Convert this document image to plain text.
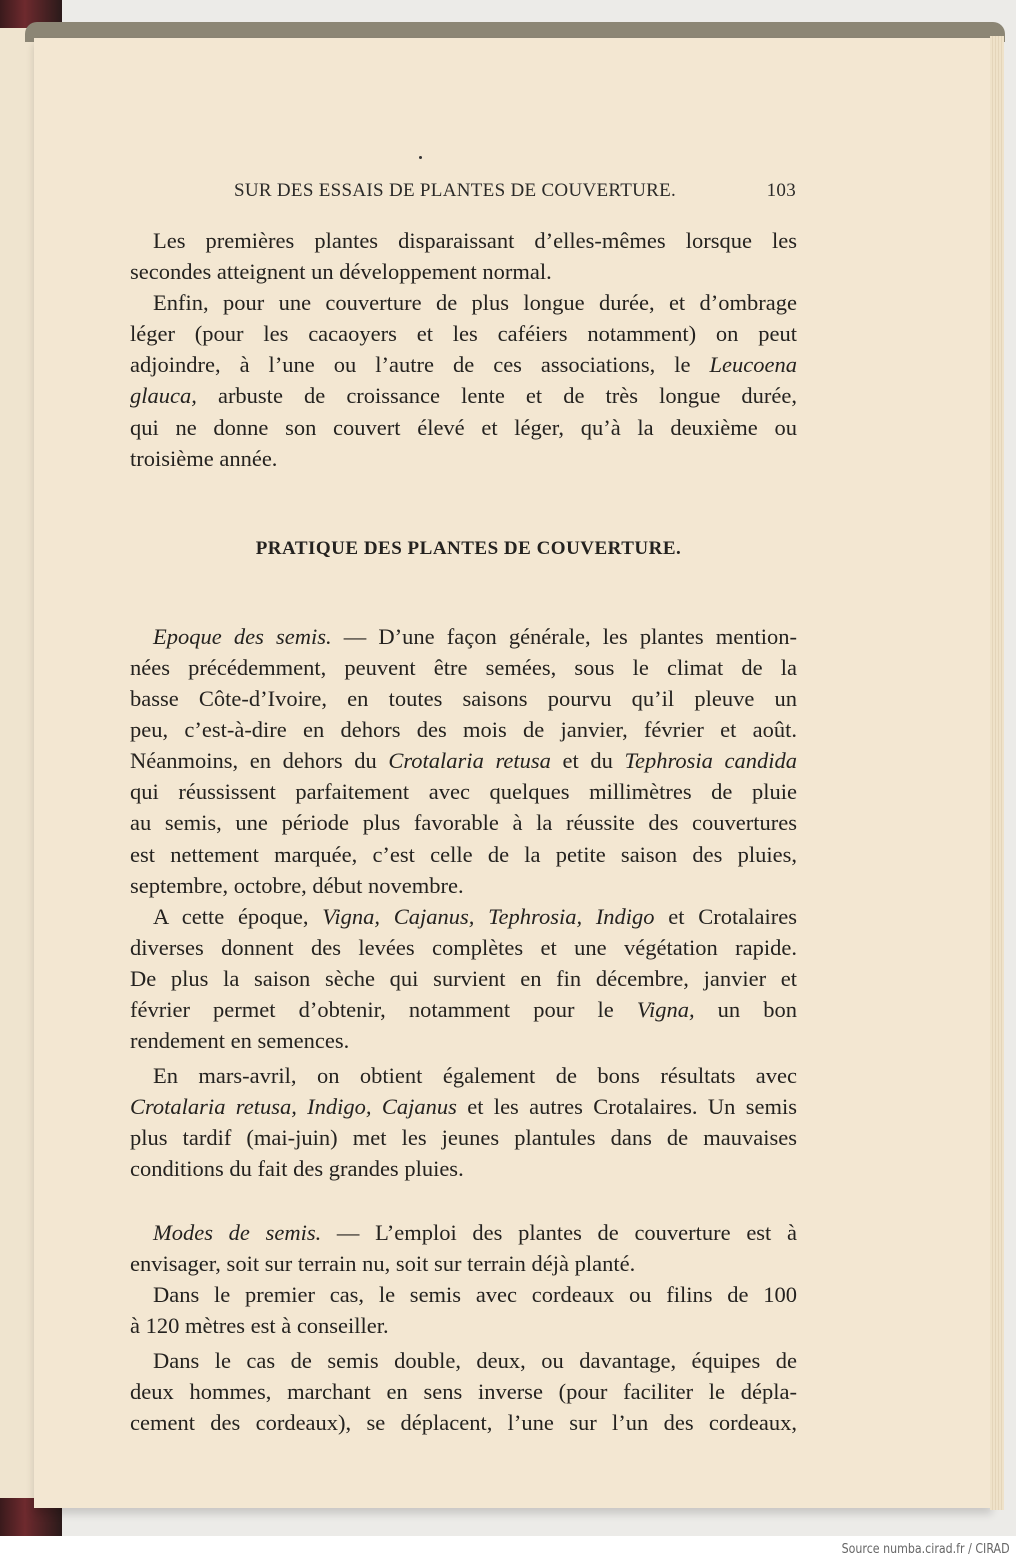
SUR DES ESSAIS DE PLANTES DE COUVERTURE.	103
Les premières plantes disparaissant d’elles-mêmes lorsque les
secondes atteignent un développement normal.
Enfin, pour une couverture de plus longue durée, et d’ombrage
léger (pour les cacaoyers et les caféiers notamment) on peut
adjoindre, à l’une ou l’autre de ces associations, le Leucoena
glauca, arbuste de croissance lente et de très longue durée,
qui ne donne son couvert élevé et léger, qu’à la deuxième ou
troisième année.
PRATIQUE DES PLANTES DE COUVERTURE.
Epoque des semis. — D’une façon générale, les plantes mention-
nées précédemment, peuvent être semées, sous le climat de la
basse Côte-d’Ivoire, en toutes saisons pourvu qu’il pleuve un
peu, c’est-à-dire en dehors des mois de janvier, février et août.
Néanmoins, en dehors du Crotalaria retusa et du Tephrosia candida
qui réussissent parfaitement avec quelques millimètres de pluie
au semis, une période plus favorable à la réussite des couvertures
est nettement marquée, c’est celle de la petite saison des pluies,
septembre, octobre, début novembre.
A cette époque, Vigna, Cajanus, Tephrosia, Indigo et Crotalaires
diverses donnent des levées complètes et une végétation rapide.
De plus la saison sèche qui survient en fin décembre, janvier et
février permet d’obtenir, notamment pour le Vigna, un bon
rendement en semences.
En mars-avril, on obtient également de bons résultats avec
Crotalaria retusa, Indigo, Cajanus et les autres Crotalaires. Un semis
plus tardif (mai-juin) met les jeunes plantules dans de mauvaises
conditions du fait des grandes pluies.
Modes de semis. — L’emploi des plantes de couverture est à
envisager, soit sur terrain nu, soit sur terrain déjà planté.
Dans le premier cas, le semis avec cordeaux ou filins de 100
à 120 mètres est à conseiller.
Dans le cas de semis double, deux, ou davantage, équipes de
deux hommes, marchant en sens inverse (pour faciliter le dépla-
cement des cordeaux), se déplacent, l’une sur l’un des cordeaux,
Source numba.cirad.fr / CIRAD
